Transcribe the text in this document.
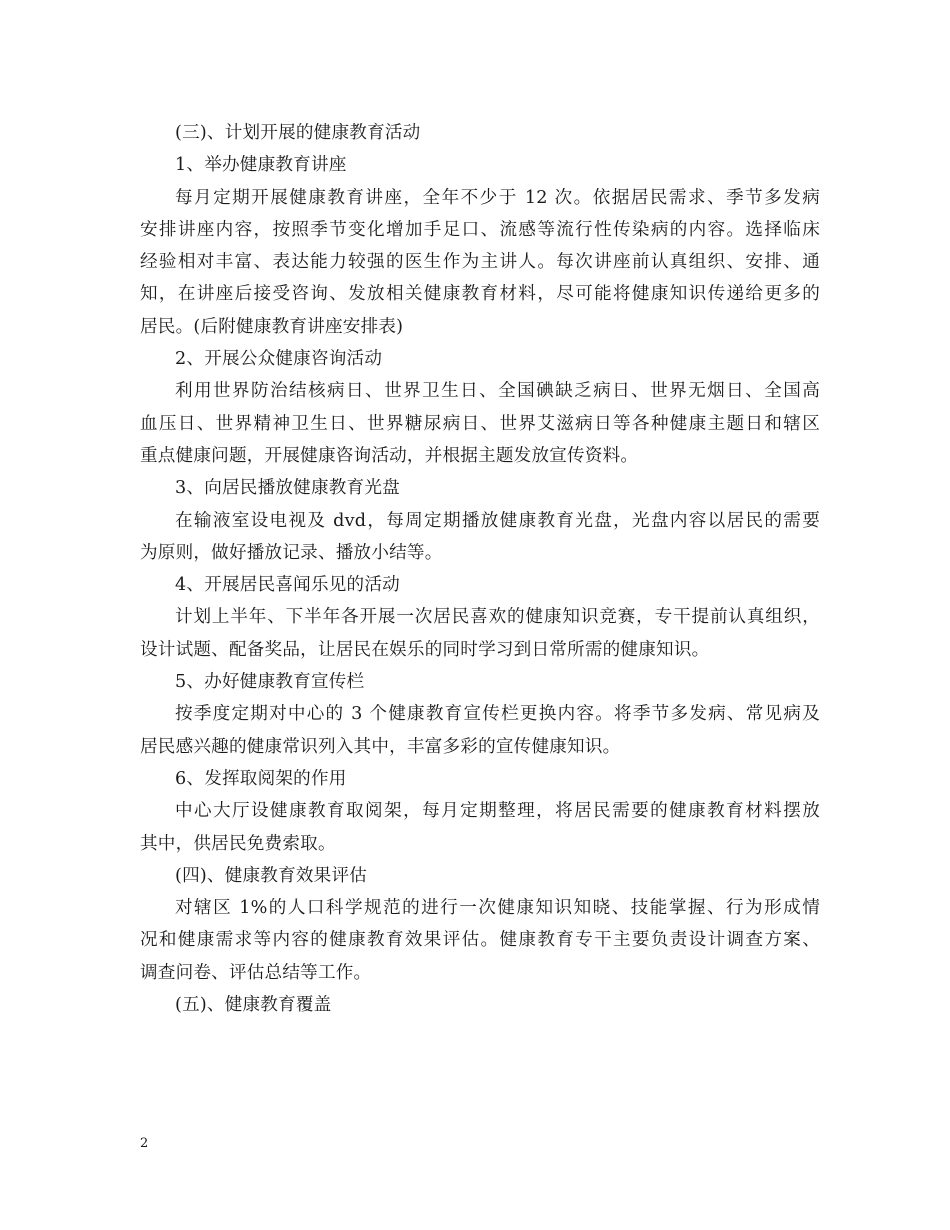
(三)、计划开展的健康教育活动
1、举办健康教育讲座
每月定期开展健康教育讲座，全年不少于 12 次。依据居民需求、季节多发病
安排讲座内容，按照季节变化增加手足口、流感等流行性传染病的内容。选择临床
经验相对丰富、表达能力较强的医生作为主讲人。每次讲座前认真组织、安排、通
知，在讲座后接受咨询、发放相关健康教育材料，尽可能将健康知识传递给更多的
居民。(后附健康教育讲座安排表)
2、开展公众健康咨询活动
利用世界防治结核病日、世界卫生日、全国碘缺乏病日、世界无烟日、全国高
血压日、世界精神卫生日、世界糖尿病日、世界艾滋病日等各种健康主题日和辖区
重点健康问题，开展健康咨询活动，并根据主题发放宣传资料。
3、向居民播放健康教育光盘
在输液室设电视及 dvd，每周定期播放健康教育光盘，光盘内容以居民的需要
为原则，做好播放记录、播放小结等。
4、开展居民喜闻乐见的活动
计划上半年、下半年各开展一次居民喜欢的健康知识竞赛，专干提前认真组织，
设计试题、配备奖品，让居民在娱乐的同时学习到日常所需的健康知识。
5、办好健康教育宣传栏
按季度定期对中心的 3 个健康教育宣传栏更换内容。将季节多发病、常见病及
居民感兴趣的健康常识列入其中，丰富多彩的宣传健康知识。
6、发挥取阅架的作用
中心大厅设健康教育取阅架，每月定期整理，将居民需要的健康教育材料摆放
其中，供居民免费索取。
(四)、健康教育效果评估
对辖区 1%的人口科学规范的进行一次健康知识知晓、技能掌握、行为形成情
况和健康需求等内容的健康教育效果评估。健康教育专干主要负责设计调查方案、
调查问卷、评估总结等工作。
(五)、健康教育覆盖
2
